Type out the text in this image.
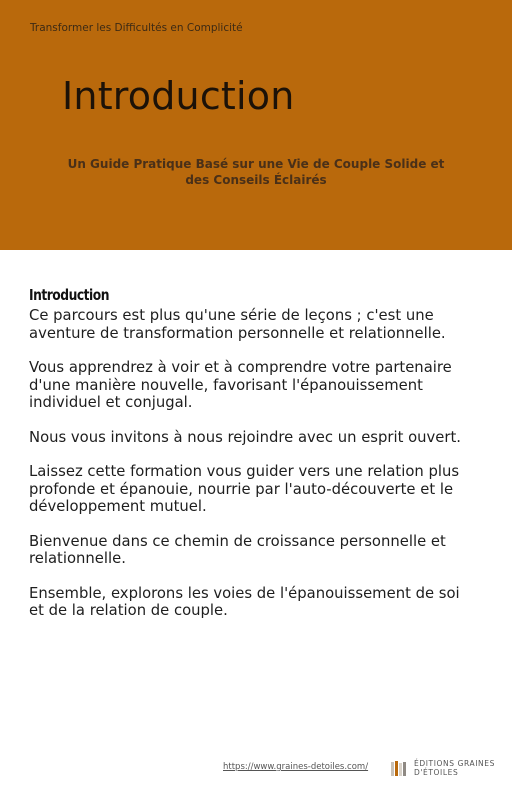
Transformer les Difficultés en Complicité
Introduction
Un Guide Pratique Basé sur une Vie de Couple Solide et des Conseils Éclairés
Introduction

Ce parcours est plus qu'une série de leçons ; c'est une aventure de transformation personnelle et relationnelle.

Vous apprendrez à voir et à comprendre votre partenaire d'une manière nouvelle, favorisant l'épanouissement individuel et conjugal.

Nous vous invitons à nous rejoindre avec un esprit ouvert.

Laissez cette formation vous guider vers une relation plus profonde et épanouie, nourrie par l'auto-découverte et le développement mutuel.

Bienvenue dans ce chemin de croissance personnelle et relationnelle.

Ensemble, explorons les voies de l'épanouissement de soi et de la relation de couple.

https://www.graines-detoiles.com/	ÉDITIONS GRAINES D'ÉTOILES
